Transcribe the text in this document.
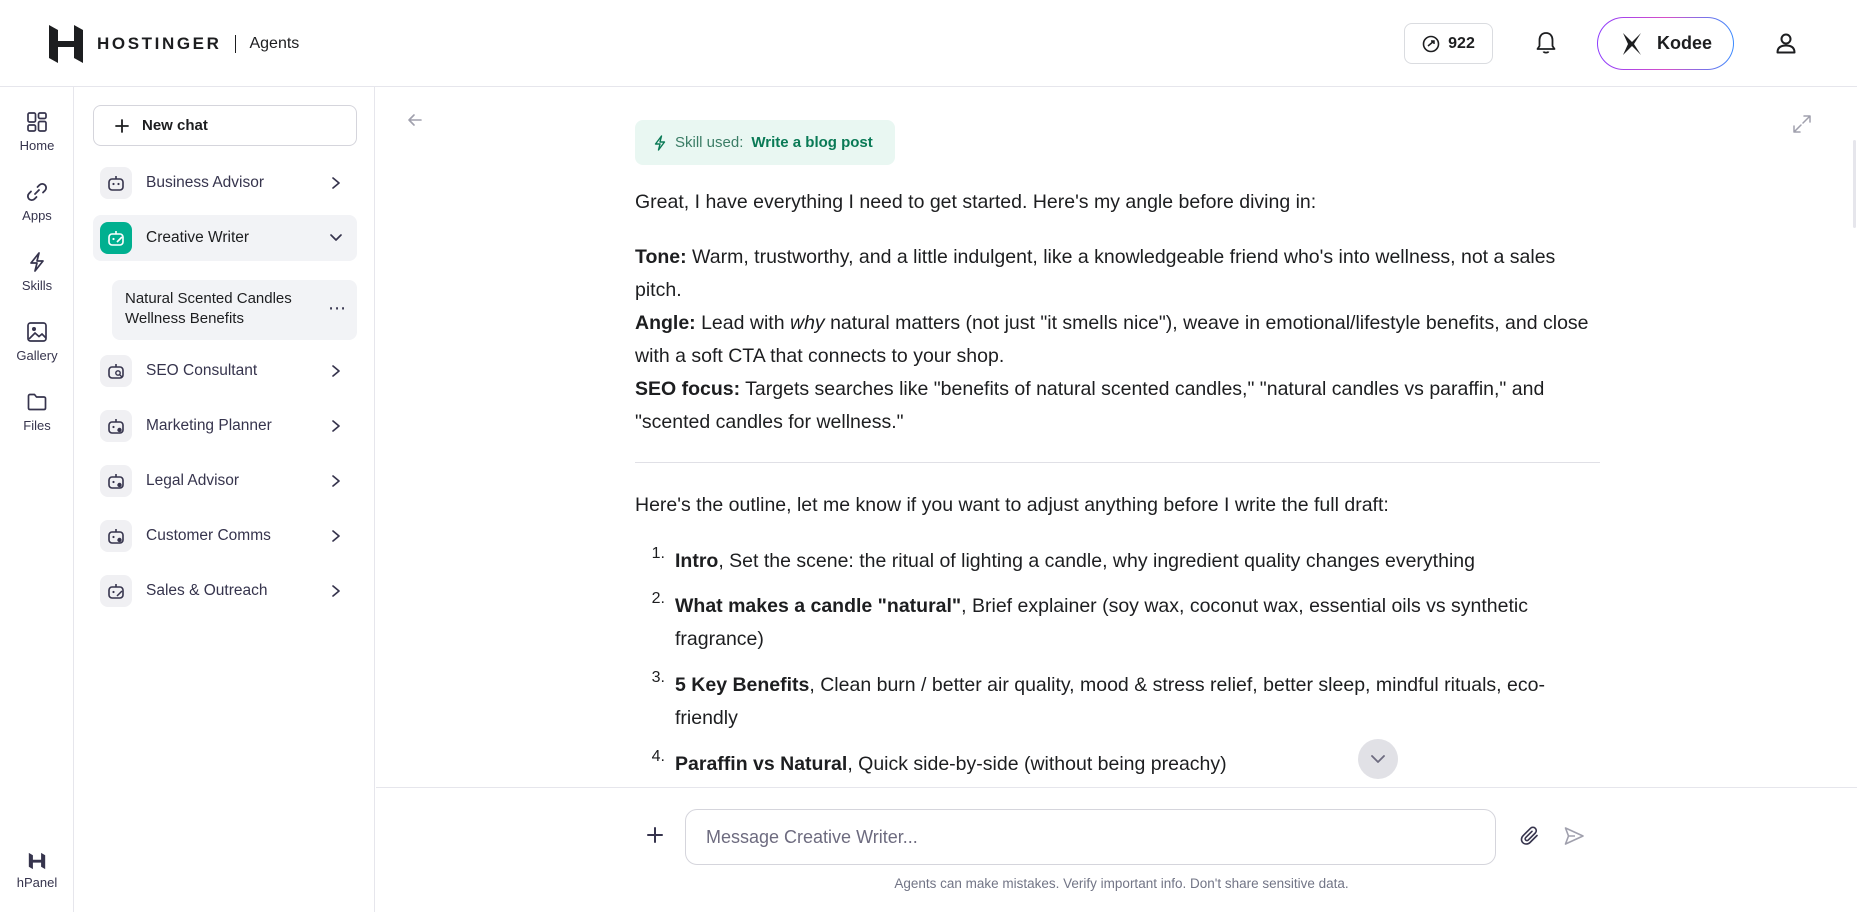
HOSTINGER Agents	922	Kodee
Home
Apps
Skills
Gallery
Files
hPanel
New chat
Business Advisor
Creative Writer
Natural Scented Candles Wellness Benefits
⋯
SEO Consultant
Marketing Planner
Legal Advisor
Customer Comms
Sales & Outreach
Skill used: Write a blog post
Great, I have everything I need to get started. Here's my angle before diving in:
Tone: Warm, trustworthy, and a little indulgent, like a knowledgeable friend who's into wellness, not a sales pitch.
Angle: Lead with why natural matters (not just "it smells nice"), weave in emotional/lifestyle benefits, and close with a soft CTA that connects to your shop.
SEO focus: Targets searches like "benefits of natural scented candles," "natural candles vs paraffin," and "scented candles for wellness."
Here's the outline, let me know if you want to adjust anything before I write the full draft:
1. Intro, Set the scene: the ritual of lighting a candle, why ingredient quality changes everything
2. What makes a candle "natural", Brief explainer (soy wax, coconut wax, essential oils vs synthetic fragrance)
3. 5 Key Benefits, Clean burn / better air quality, mood & stress relief, better sleep, mindful rituals, eco-friendly
4. Paraffin vs Natural, Quick side-by-side (without being preachy)
Message Creative Writer...
Agents can make mistakes. Verify important info. Don't share sensitive data.
